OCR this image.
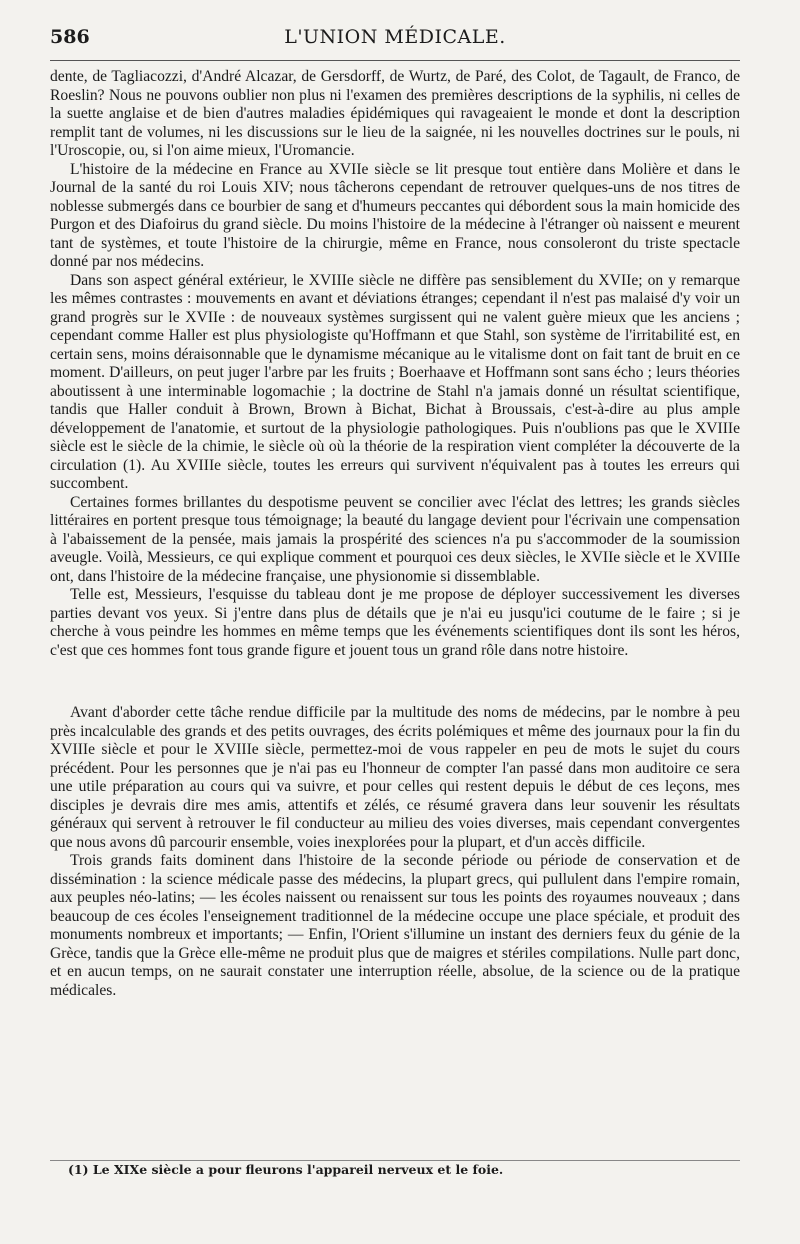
586	L'UNION MÉDICALE.

dente, de Tagliacozzi, d'André Alcazar, de Gersdorff, de Wurtz, de Paré, des Colot, de Tagault, de Franco, de Roeslin? Nous ne pouvons oublier non plus ni l'examen des premières descriptions de la syphilis, ni celles de la suette anglaise et de bien d'autres maladies épidémiques qui ravageaient le monde et dont la description remplit tant de volumes, ni les discussions sur le lieu de la saignée, ni les nouvelles doctrines sur le pouls, ni l'Uroscopie, ou, si l'on aime mieux, l'Uromancie.

L'histoire de la médecine en France au XVIIe siècle se lit presque tout entière dans Molière et dans le Journal de la santé du roi Louis XIV; nous tâcherons cependant de retrouver quelques-uns de nos titres de noblesse submergés dans ce bourbier de sang et d'humeurs peccantes qui débordent sous la main homicide des Purgon et des Diafoirus du grand siècle. Du moins l'histoire de la médecine à l'étranger où naissent e meurent tant de systèmes, et toute l'histoire de la chirurgie, même en France, nous consoleront du triste spectacle donné par nos médecins.

Dans son aspect général extérieur, le XVIIIe siècle ne diffère pas sensiblement du XVIIe; on y remarque les mêmes contrastes : mouvements en avant et déviations étranges; cependant il n'est pas malaisé d'y voir un grand progrès sur le XVIIe : de nouveaux systèmes surgissent qui ne valent guère mieux que les anciens ; cependant comme Haller est plus physiologiste qu'Hoffmann et que Stahl, son système de l'irritabilité est, en certain sens, moins déraisonnable que le dynamisme mécanique au le vitalisme dont on fait tant de bruit en ce moment. D'ailleurs, on peut juger l'arbre par les fruits ; Boerhaave et Hoffmann sont sans écho ; leurs théories aboutissent à une interminable logomachie ; la doctrine de Stahl n'a jamais donné un résultat scientifique, tandis que Haller conduit à Brown, Brown à Bichat, Bichat à Broussais, c'est-à-dire au plus ample développement de l'anatomie, et surtout de la physiologie pathologiques. Puis n'oublions pas que le XVIIIe siècle est le siècle de la chimie, le siècle où où la théorie de la respiration vient compléter la découverte de la circulation (1). Au XVIIIe siècle, toutes les erreurs qui survivent n'équivalent pas à toutes les erreurs qui succombent.

Certaines formes brillantes du despotisme peuvent se concilier avec l'éclat des lettres; les grands siècles littéraires en portent presque tous témoignage; la beauté du langage devient pour l'écrivain une compensation à l'abaissement de la pensée, mais jamais la prospérité des sciences n'a pu s'accommoder de la soumission aveugle. Voilà, Messieurs, ce qui explique comment et pourquoi ces deux siècles, le XVIIe siècle et le XVIIIe ont, dans l'histoire de la médecine française, une physionomie si dissemblable.

Telle est, Messieurs, l'esquisse du tableau dont je me propose de déployer successivement les diverses parties devant vos yeux. Si j'entre dans plus de détails que je n'ai eu jusqu'ici coutume de le faire ; si je cherche à vous peindre les hommes en même temps que les événements scientifiques dont ils sont les héros, c'est que ces hommes font tous grande figure et jouent tous un grand rôle dans notre histoire.

Avant d'aborder cette tâche rendue difficile par la multitude des noms de médecins, par le nombre à peu près incalculable des grands et des petits ouvrages, des écrits polémiques et même des journaux pour la fin du XVIIIe siècle et pour le XVIIIe siècle, permettez-moi de vous rappeler en peu de mots le sujet du cours précédent. Pour les personnes que je n'ai pas eu l'honneur de compter l'an passé dans mon auditoire ce sera une utile préparation au cours qui va suivre, et pour celles qui restent depuis le début de ces leçons, mes disciples je devrais dire mes amis, attentifs et zélés, ce résumé gravera dans leur souvenir les résultats généraux qui servent à retrouver le fil conducteur au milieu des voies diverses, mais cependant convergentes que nous avons dû parcourir ensemble, voies inexplorées pour la plupart, et d'un accès difficile.

Trois grands faits dominent dans l'histoire de la seconde période ou période de conservation et de dissémination : la science médicale passe des médecins, la plupart grecs, qui pullulent dans l'empire romain, aux peuples néo-latins; — les écoles naissent ou renaissent sur tous les points des royaumes nouveaux ; dans beaucoup de ces écoles l'enseignement traditionnel de la médecine occupe une place spéciale, et produit des monuments nombreux et importants; — Enfin, l'Orient s'illumine un instant des derniers feux du génie de la Grèce, tandis que la Grèce elle-même ne produit plus que de maigres et stériles compilations. Nulle part donc, et en aucun temps, on ne saurait constater une interruption réelle, absolue, de la science ou de la pratique médicales.

(1) Le XIXe siècle a pour fleurons l'appareil nerveux et le foie.
